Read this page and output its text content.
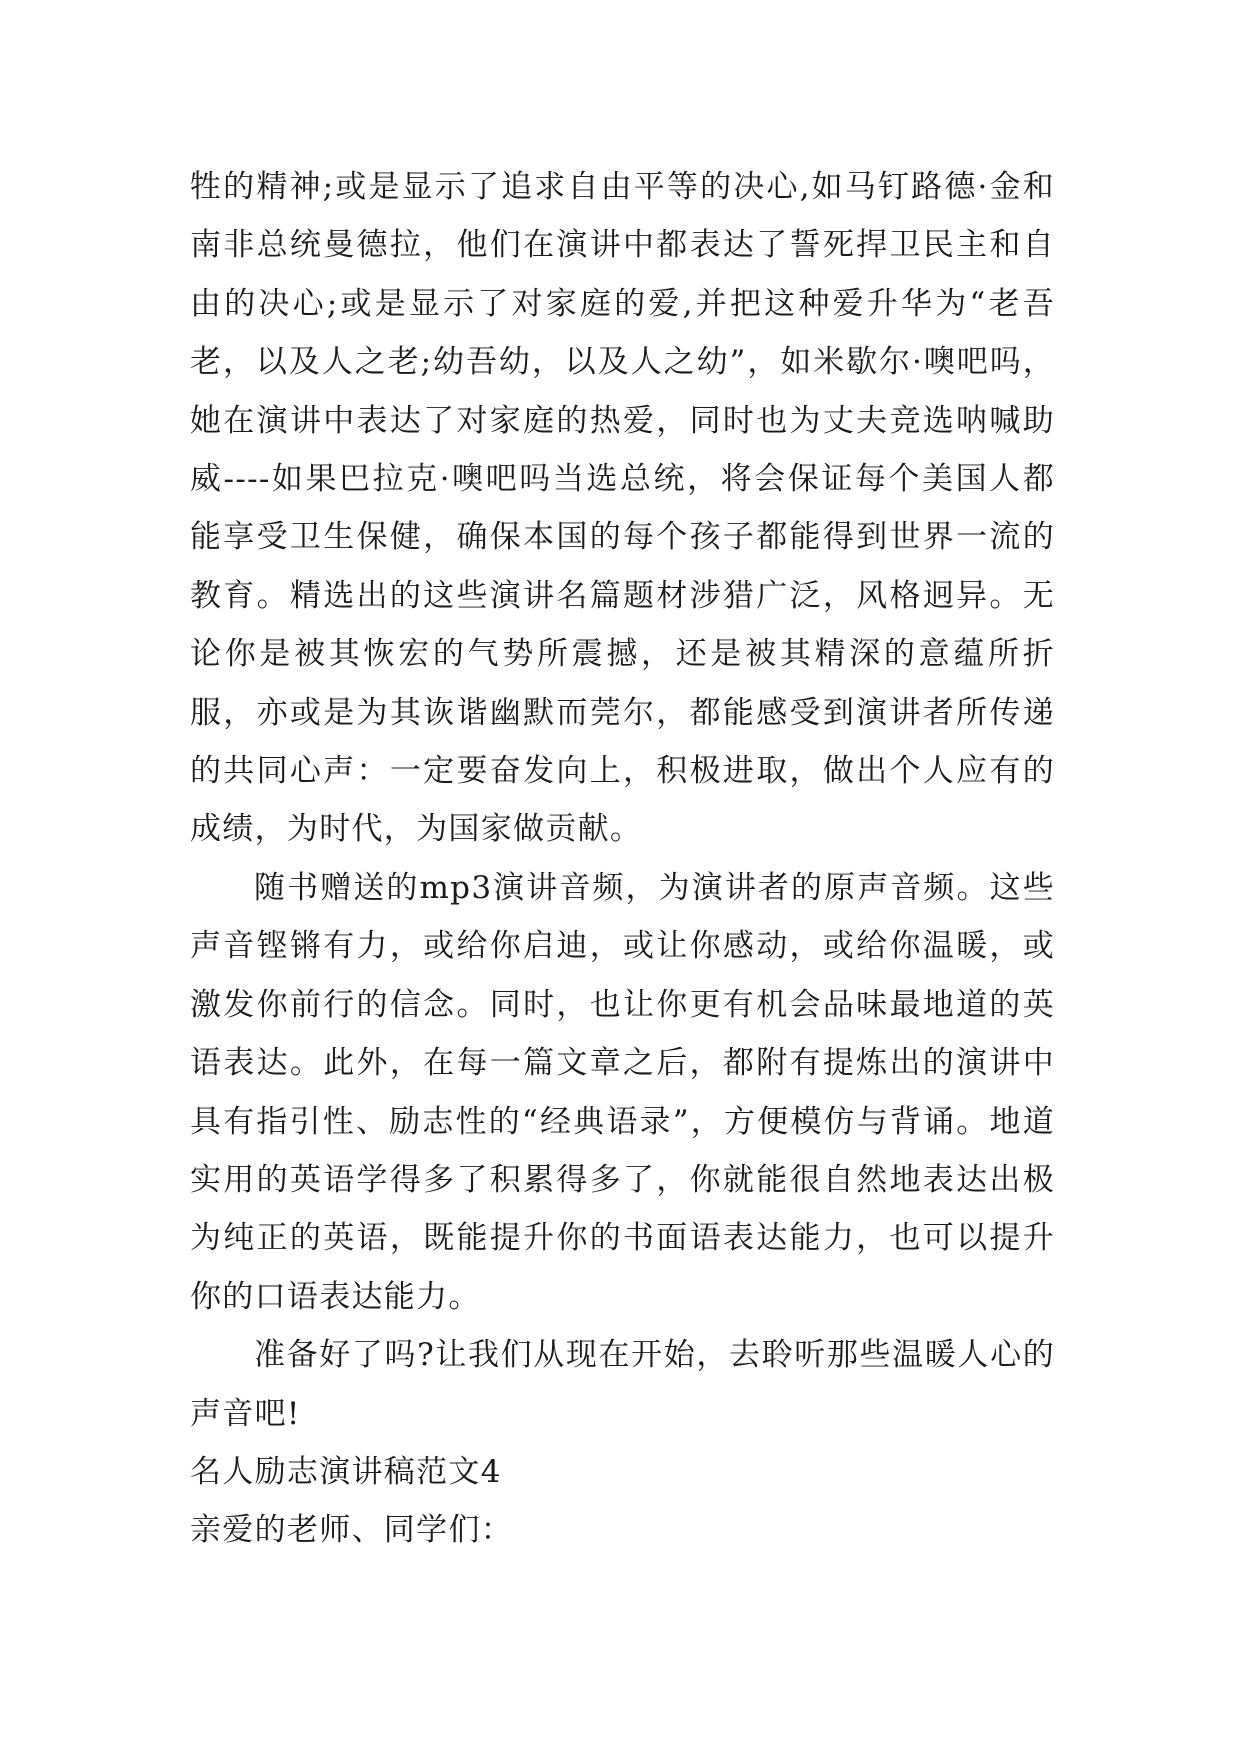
牲的精神;或是显示了追求自由平等的决心,如马钉路德·金和南非总统曼德拉，他们在演讲中都表达了誓死捍卫民主和自由的决心;或是显示了对家庭的爱,并把这种爱升华为“老吾老，以及人之老;幼吾幼，以及人之幼”，如米歇尔·噢吧吗，她在演讲中表达了对家庭的热爱，同时也为丈夫竞选呐喊助威----如果巴拉克·噢吧吗当选总统，将会保证每个美国人都能享受卫生保健，确保本国的每个孩子都能得到世界一流的教育。精选出的这些演讲名篇题材涉猎广泛，风格迥异。无论你是被其恢宏的气势所震撼，还是被其精深的意蕴所折服，亦或是为其诙谐幽默而莞尔，都能感受到演讲者所传递的共同心声：一定要奋发向上，积极进取，做出个人应有的成绩，为时代，为国家做贡献。

随书赠送的mp3演讲音频，为演讲者的原声音频。这些声音铿锵有力，或给你启迪，或让你感动，或给你温暖，或激发你前行的信念。同时，也让你更有机会品味最地道的英语表达。此外，在每一篇文章之后，都附有提炼出的演讲中具有指引性、励志性的“经典语录”，方便模仿与背诵。地道实用的英语学得多了积累得多了，你就能很自然地表达出极为纯正的英语，既能提升你的书面语表达能力，也可以提升你的口语表达能力。

准备好了吗?让我们从现在开始，去聆听那些温暖人心的声音吧!

名人励志演讲稿范文4

亲爱的老师、同学们：
